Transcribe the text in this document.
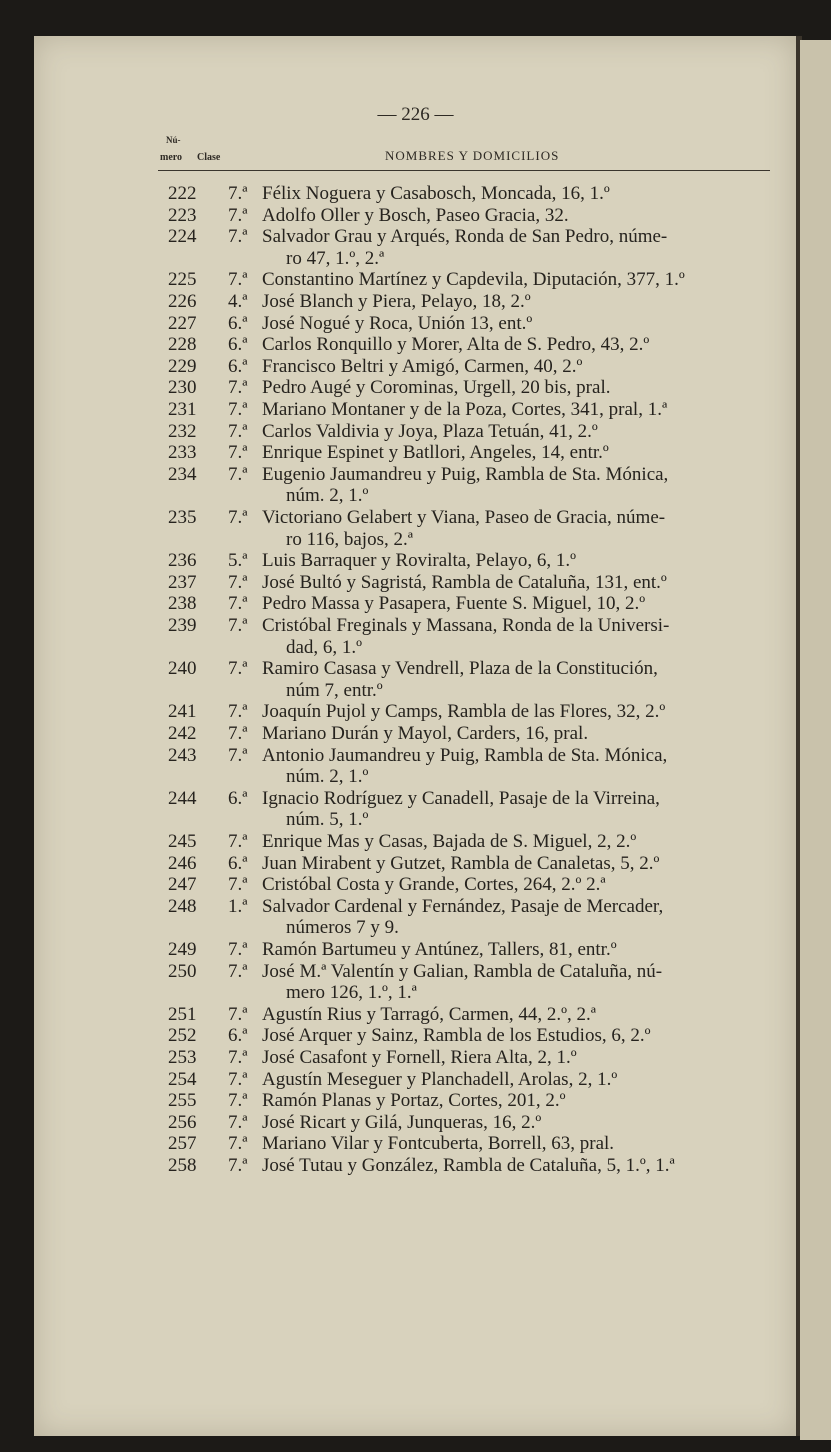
— 226 —
Nú-
mero Clase	NOMBRES Y DOMICILIOS
222 7.ª Félix Noguera y Casabosch, Moncada, 16, 1.º
223 7.ª Adolfo Oller y Bosch, Paseo Gracia, 32.
224 7.ª Salvador Grau y Arqués, Ronda de San Pedro, núme-
ro 47, 1.º, 2.ª
225 7.ª Constantino Martínez y Capdevila, Diputación, 377, 1.º
226 4.ª José Blanch y Piera, Pelayo, 18, 2.º
227 6.ª José Nogué y Roca, Unión 13, ent.º
228 6.ª Carlos Ronquillo y Morer, Alta de S. Pedro, 43, 2.º
229 6.ª Francisco Beltri y Amigó, Carmen, 40, 2.º
230 7.ª Pedro Augé y Corominas, Urgell, 20 bis, pral.
231 7.ª Mariano Montaner y de la Poza, Cortes, 341, pral, 1.ª
232 7.ª Carlos Valdivia y Joya, Plaza Tetuán, 41, 2.º
233 7.ª Enrique Espinet y Batllori, Angeles, 14, entr.º
234 7.ª Eugenio Jaumandreu y Puig, Rambla de Sta. Mónica,
núm. 2, 1.º
235 7.ª Victoriano Gelabert y Viana, Paseo de Gracia, núme-
ro 116, bajos, 2.ª
236 5.ª Luis Barraquer y Roviralta, Pelayo, 6, 1.º
237 7.ª José Bultó y Sagristá, Rambla de Cataluña, 131, ent.º
238 7.ª Pedro Massa y Pasapera, Fuente S. Miguel, 10, 2.º
239 7.ª Cristóbal Freginals y Massana, Ronda de la Universi-
dad, 6, 1.º
240 7.ª Ramiro Casasa y Vendrell, Plaza de la Constitución,
núm 7, entr.º
241 7.ª Joaquín Pujol y Camps, Rambla de las Flores, 32, 2.º
242 7.ª Mariano Durán y Mayol, Carders, 16, pral.
243 7.ª Antonio Jaumandreu y Puig, Rambla de Sta. Mónica,
núm. 2, 1.º
244 6.ª Ignacio Rodríguez y Canadell, Pasaje de la Virreina,
núm. 5, 1.º
245 7.ª Enrique Mas y Casas, Bajada de S. Miguel, 2, 2.º
246 6.ª Juan Mirabent y Gutzet, Rambla de Canaletas, 5, 2.º
247 7.ª Cristóbal Costa y Grande, Cortes, 264, 2.º 2.ª
248 1.ª Salvador Cardenal y Fernández, Pasaje de Mercader,
números 7 y 9.
249 7.ª Ramón Bartumeu y Antúnez, Tallers, 81, entr.º
250 7.ª José M.ª Valentín y Galian, Rambla de Cataluña, nú-
mero 126, 1.º, 1.ª
251 7.ª Agustín Rius y Tarragó, Carmen, 44, 2.º, 2.ª
252 6.ª José Arquer y Sainz, Rambla de los Estudios, 6, 2.º
253 7.ª José Casafont y Fornell, Riera Alta, 2, 1.º
254 7.ª Agustín Meseguer y Planchadell, Arolas, 2, 1.º
255 7.ª Ramón Planas y Portaz, Cortes, 201, 2.º
256 7.ª José Ricart y Gilá, Junqueras, 16, 2.º
257 7.ª Mariano Vilar y Fontcuberta, Borrell, 63, pral.
258 7.ª José Tutau y González, Rambla de Cataluña, 5, 1.º, 1.ª
